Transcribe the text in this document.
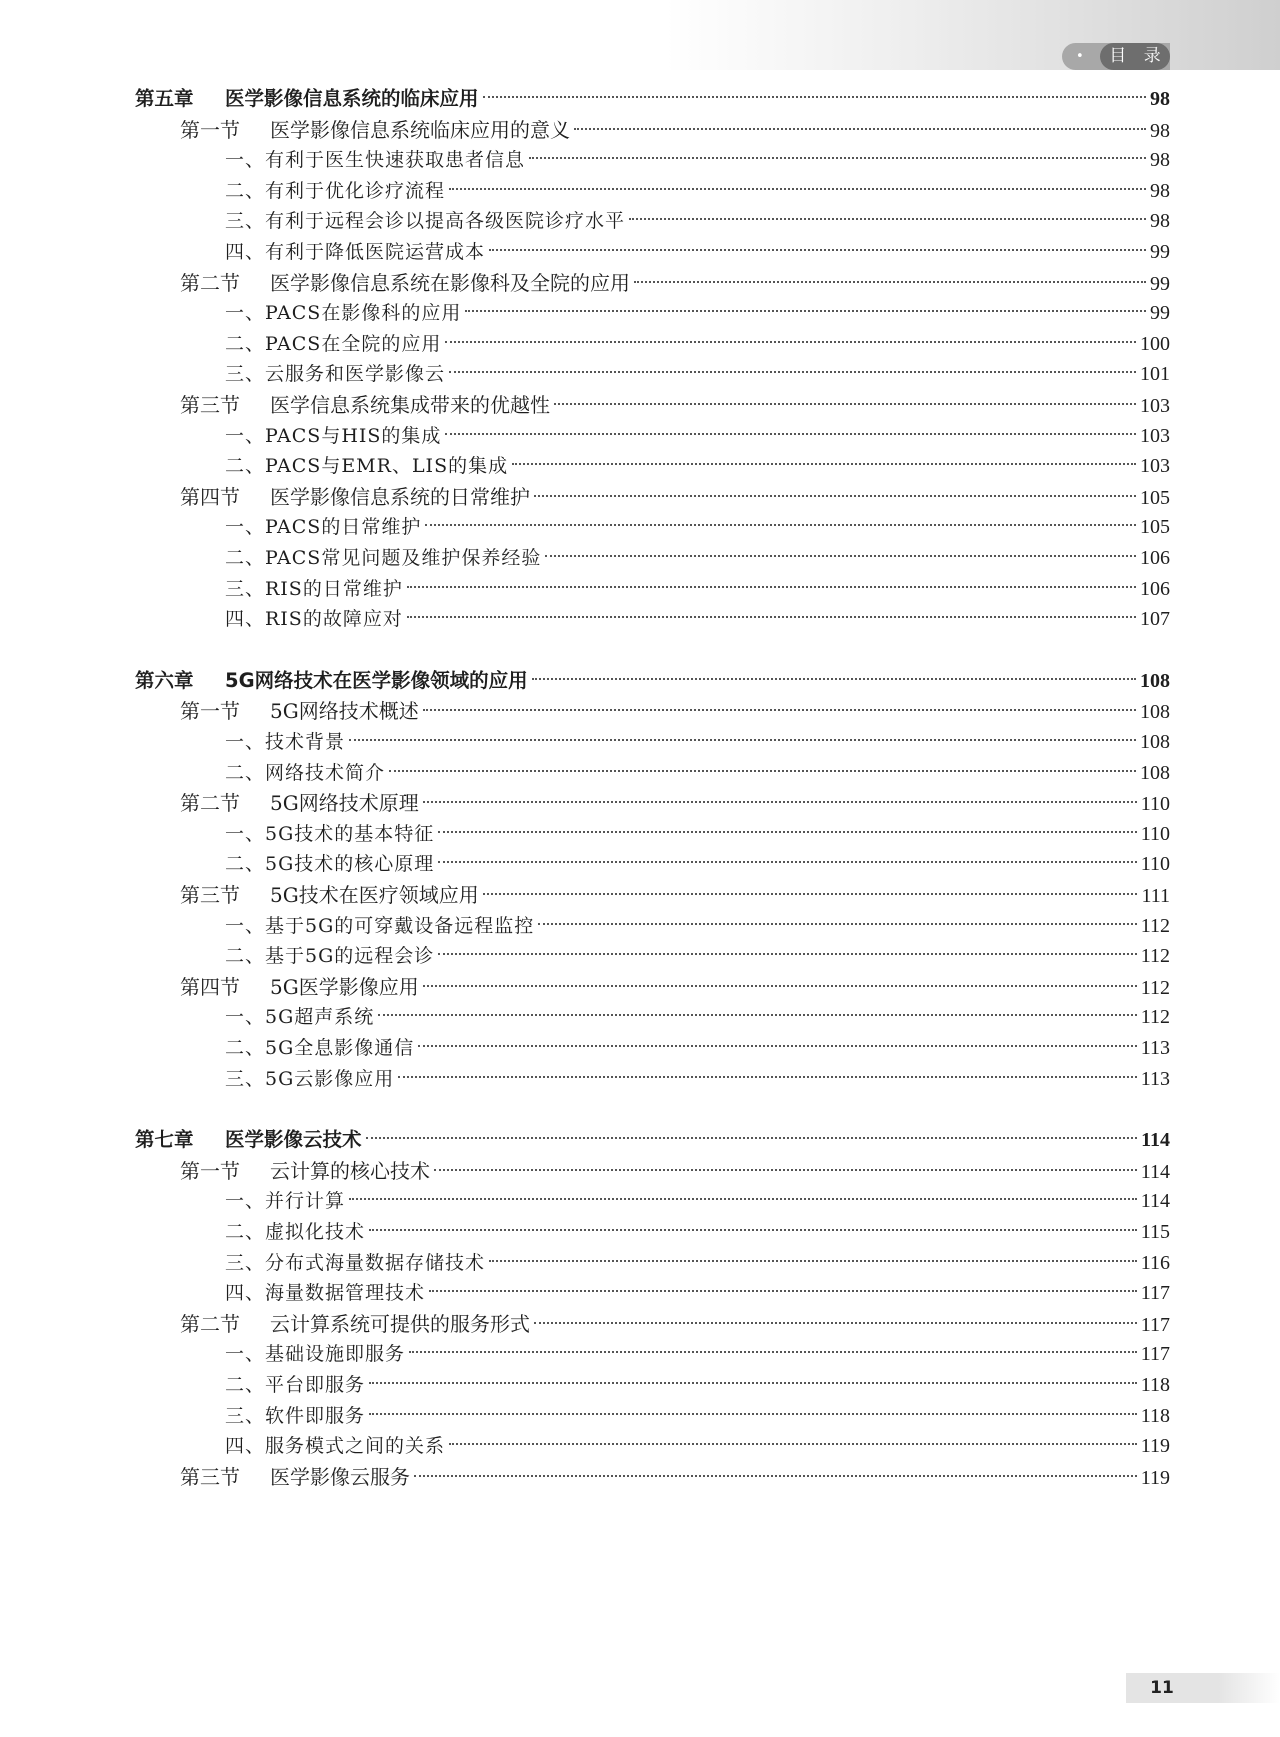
•	目 录
第五章	医学影像信息系统的临床应用	98
第一节	医学影像信息系统临床应用的意义	98
一、有利于医生快速获取患者信息	98
二、有利于优化诊疗流程	98
三、有利于远程会诊以提高各级医院诊疗水平	98
四、有利于降低医院运营成本	99
第二节	医学影像信息系统在影像科及全院的应用	99
一、PACS在影像科的应用	99
二、PACS在全院的应用	100
三、云服务和医学影像云	101
第三节	医学信息系统集成带来的优越性	103
一、PACS与HIS的集成	103
二、PACS与EMR、LIS的集成	103
第四节	医学影像信息系统的日常维护	105
一、PACS的日常维护	105
二、PACS常见问题及维护保养经验	106
三、RIS的日常维护	106
四、RIS的故障应对	107
第六章	5G网络技术在医学影像领域的应用	108
第一节	5G网络技术概述	108
一、技术背景	108
二、网络技术简介	108
第二节	5G网络技术原理	110
一、5G技术的基本特征	110
二、5G技术的核心原理	110
第三节	5G技术在医疗领域应用	111
一、基于5G的可穿戴设备远程监控	112
二、基于5G的远程会诊	112
第四节	5G医学影像应用	112
一、5G超声系统	112
二、5G全息影像通信	113
三、5G云影像应用	113
第七章	医学影像云技术	114
第一节	云计算的核心技术	114
一、并行计算	114
二、虚拟化技术	115
三、分布式海量数据存储技术	116
四、海量数据管理技术	117
第二节	云计算系统可提供的服务形式	117
一、基础设施即服务	117
二、平台即服务	118
三、软件即服务	118
四、服务模式之间的关系	119
第三节	医学影像云服务	119
11
